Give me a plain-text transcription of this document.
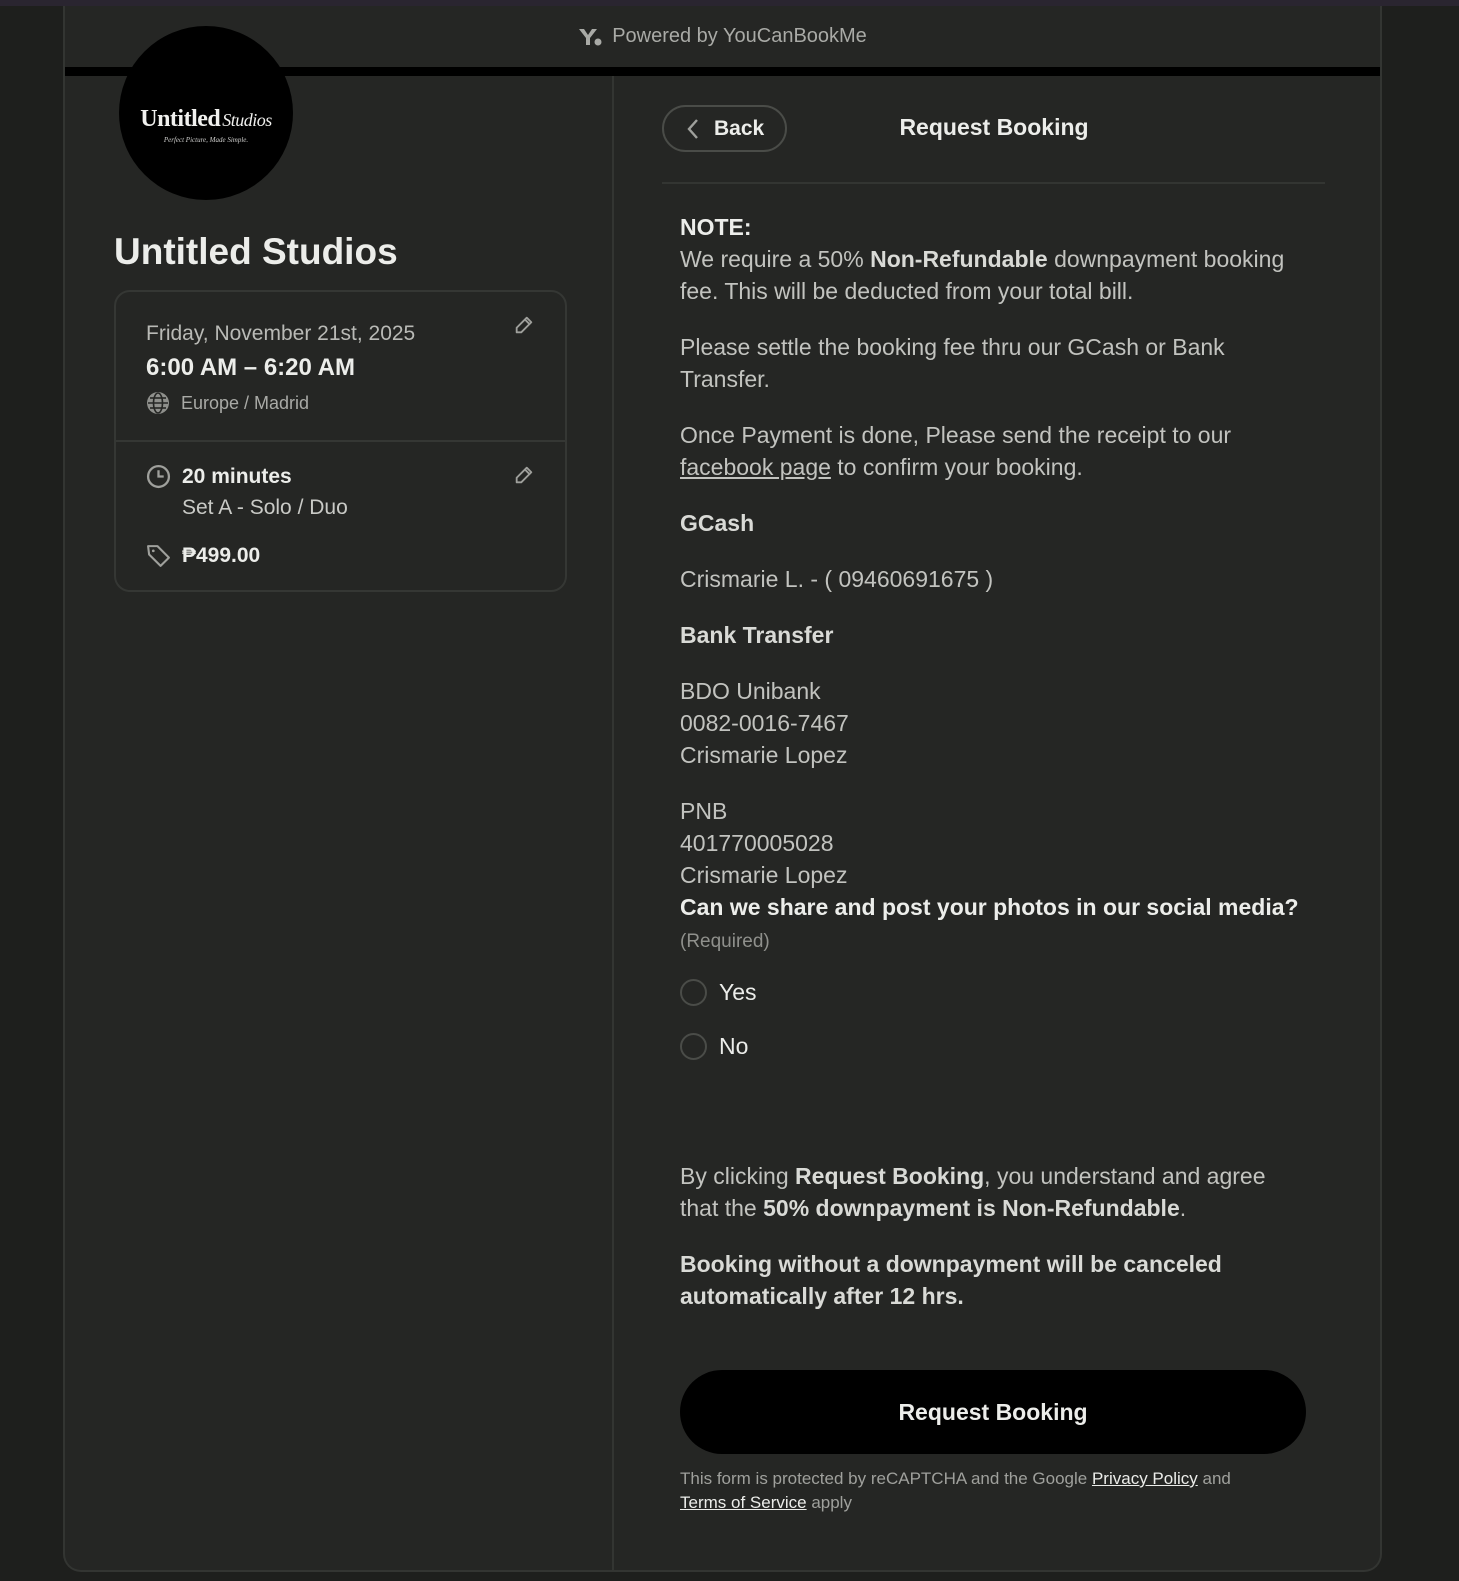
Powered by YouCanBookMe
Untitled Studios
Perfect Picture, Made Simple.
Untitled Studios
Friday, November 21st, 2025
6:00 AM – 6:20 AM
Europe / Madrid
20 minutes
Set A - Solo / Duo
₱499.00
Back	Request Booking

NOTE:

We require a 50% Non-Refundable downpayment booking fee. This will be deducted from your total bill.

Please settle the booking fee thru our GCash or Bank Transfer.

Once Payment is done, Please send the receipt to our facebook page to confirm your booking.

GCash

Crismarie L. - ( 09460691675 )

Bank Transfer

BDO Unibank

0082-0016-7467

Crismarie Lopez

PNB

401770005028

Crismarie Lopez

Can we share and post your photos in our social media? (Required)

Yes
No

By clicking Request Booking, you understand and agree that the 50% downpayment is Non-Refundable.

Booking without a downpayment will be canceled automatically after 12 hrs.

Request Booking
This form is protected by reCAPTCHA and the Google Privacy Policy and
Terms of Service apply
